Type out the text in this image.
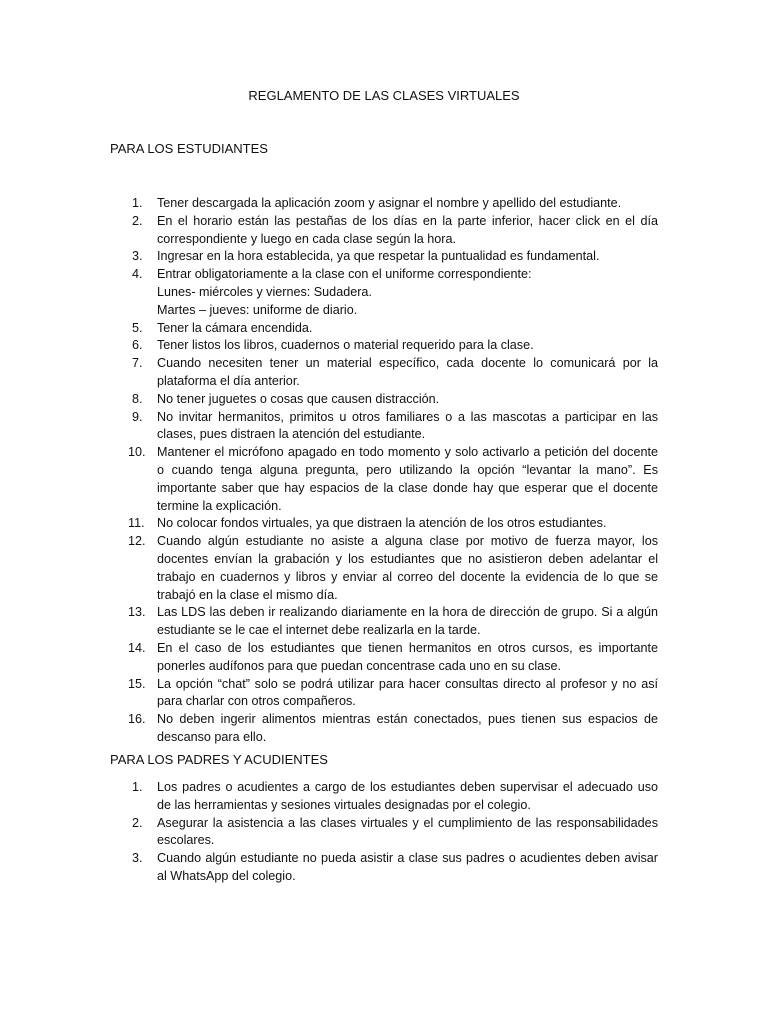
REGLAMENTO DE LAS CLASES VIRTUALES
PARA LOS ESTUDIANTES
1. Tener descargada la aplicación zoom y asignar el nombre y apellido del estudiante.
2. En el horario están las pestañas de los días en la parte inferior, hacer click en el día correspondiente y luego en cada clase según la hora.
3. Ingresar en la hora establecida, ya que respetar la puntualidad es fundamental.
4. Entrar obligatoriamente a la clase con el uniforme correspondiente:
Lunes- miércoles y viernes: Sudadera.
Martes – jueves: uniforme de diario.
5. Tener la cámara encendida.
6. Tener listos los libros, cuadernos o material requerido para la clase.
7. Cuando necesiten tener un material específico, cada docente lo comunicará por la plataforma el día anterior.
8. No tener juguetes o cosas que causen distracción.
9. No invitar hermanitos, primitos u otros familiares o a las mascotas a participar en las clases, pues distraen la atención del estudiante.
10. Mantener el micrófono apagado en todo momento y solo activarlo a petición del docente o cuando tenga alguna pregunta, pero utilizando la opción “levantar la mano”. Es importante saber que hay espacios de la clase donde hay que esperar que el docente termine la explicación.
11. No colocar fondos virtuales, ya que distraen la atención de los otros estudiantes.
12. Cuando algún estudiante no asiste a alguna clase por motivo de fuerza mayor, los docentes envían la grabación y los estudiantes que no asistieron deben adelantar el trabajo en cuadernos y libros y enviar al correo del docente la evidencia de lo que se trabajó en la clase el mismo día.
13. Las LDS las deben ir realizando diariamente en la hora de dirección de grupo. Si a algún estudiante se le cae el internet debe realizarla en la tarde.
14. En el caso de los estudiantes que tienen hermanitos en otros cursos, es importante ponerles audífonos para que puedan concentrase cada uno en su clase.
15. La opción “chat” solo se podrá utilizar para hacer consultas directo al profesor y no así para charlar con otros compañeros.
16. No deben ingerir alimentos mientras están conectados, pues tienen sus espacios de descanso para ello.
PARA LOS PADRES Y ACUDIENTES
1. Los padres o acudientes a cargo de los estudiantes deben supervisar el adecuado uso de las herramientas y sesiones virtuales designadas por el colegio.
2. Asegurar la asistencia a las clases virtuales y el cumplimiento de las responsabilidades escolares.
3. Cuando algún estudiante no pueda asistir a clase sus padres o acudientes deben avisar al WhatsApp del colegio.
